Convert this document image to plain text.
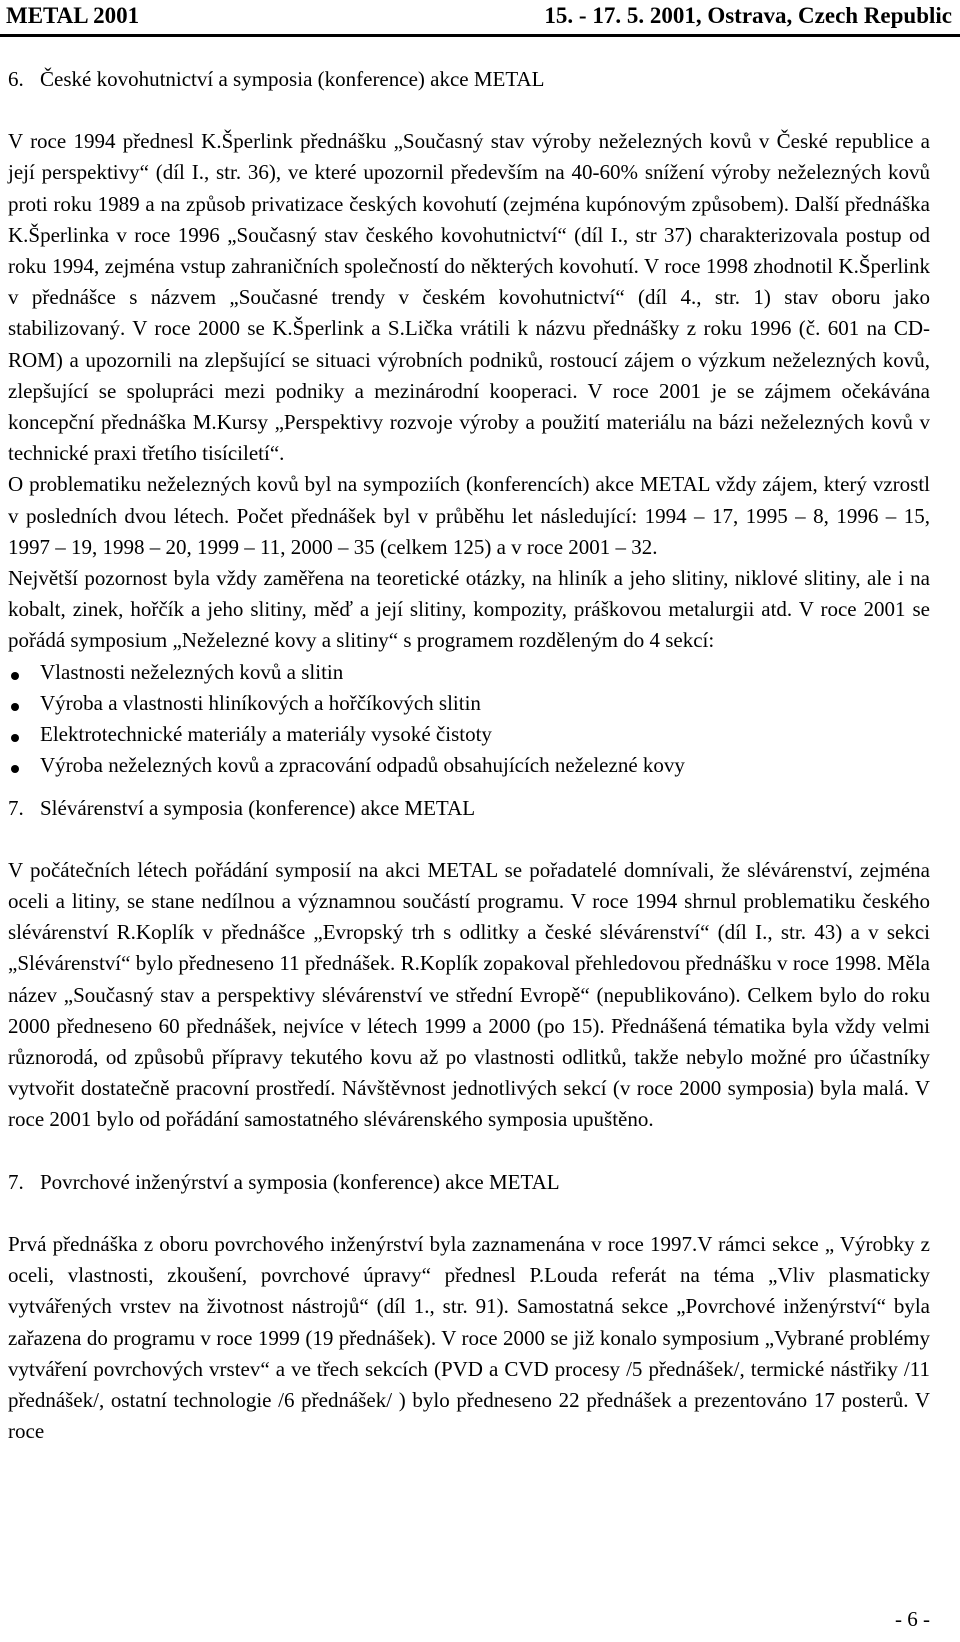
METAL 2001	15. - 17. 5. 2001, Ostrava, Czech Republic
6. České kovohutnictví a symposia (konference) akce METAL

V roce 1994 přednesl K.Šperlink přednášku „Současný stav výroby neželezných kovů v České republice a její perspektivy“ (díl I., str. 36), ve které upozornil především na 40-60% snížení výroby neželezných kovů proti roku 1989 a na způsob privatizace českých kovohutí (zejména kupónovým způsobem). Další přednáška K.Šperlinka v roce 1996 „Současný stav českého kovohutnictví“ (díl I., str 37) charakterizovala postup od roku 1994, zejména vstup zahraničních společností do některých kovohutí. V roce 1998 zhodnotil K.Šperlink v přednášce s názvem „Současné trendy v českém kovohutnictví“ (díl 4., str. 1) stav oboru jako stabilizovaný. V roce 2000 se K.Šperlink a S.Lička vrátili k názvu přednášky z roku 1996 (č. 601 na CD-ROM) a upozornili na zlepšující se situaci výrobních podniků, rostoucí zájem o výzkum neželezných kovů, zlepšující se spolupráci mezi podniky a mezinárodní kooperaci. V roce 2001 je se zájmem očekávána koncepční přednáška M.Kursy „Perspektivy rozvoje výroby a použití materiálu na bázi neželezných kovů v technické praxi třetího tisíciletí“.

O problematiku neželezných kovů byl na sympoziích (konferencích) akce METAL vždy zájem, který vzrostl v posledních dvou létech. Počet přednášek byl v průběhu let následující: 1994 – 17, 1995 – 8, 1996 – 15, 1997 – 19, 1998 – 20, 1999 – 11, 2000 – 35 (celkem 125) a v roce 2001 – 32.

Největší pozornost byla vždy zaměřena na teoretické otázky, na hliník a jeho slitiny, niklové slitiny, ale i na kobalt, zinek, hořčík a jeho slitiny, měď a její slitiny, kompozity, práškovou metalurgii atd. V roce 2001 se pořádá symposium „Neželezné kovy a slitiny“ s programem rozděleným do 4 sekcí:

Vlastnosti neželezných kovů a slitin
Výroba a vlastnosti hliníkových a hořčíkových slitin
Elektrotechnické materiály a materiály vysoké čistoty
Výroba neželezných kovů a zpracování odpadů obsahujících neželezné kovy
7. Slévárenství a symposia (konference) akce METAL

V počátečních létech pořádání symposií na akci METAL se pořadatelé domnívali, že slévárenství, zejména oceli a litiny, se stane nedílnou a významnou součástí programu. V roce 1994 shrnul problematiku českého slévárenství R.Koplík v přednášce „Evropský trh s odlitky a české slévárenství“ (díl I., str. 43) a v sekci „Slévárenství“ bylo předneseno 11 přednášek. R.Koplík zopakoval přehledovou přednášku v roce 1998. Měla název „Současný stav a perspektivy slévárenství ve střední Evropě“ (nepublikováno). Celkem bylo do roku 2000 předneseno 60 přednášek, nejvíce v létech 1999 a 2000 (po 15). Přednášená tématika byla vždy velmi různorodá, od způsobů přípravy tekutého kovu až po vlastnosti odlitků, takže nebylo možné pro účastníky vytvořit dostatečně pracovní prostředí. Návštěvnost jednotlivých sekcí (v roce 2000 symposia) byla malá. V roce 2001 bylo od pořádání samostatného slévárenského symposia upuštěno.

7. Povrchové inženýrství a symposia (konference) akce METAL

Prvá přednáška z oboru povrchového inženýrství byla zaznamenána v roce 1997.V rámci sekce „ Výrobky z oceli, vlastnosti, zkoušení, povrchové úpravy“ přednesl P.Louda referát na téma „Vliv plasmaticky vytvářených vrstev na životnost nástrojů“ (díl 1., str. 91). Samostatná sekce „Povrchové inženýrství“ byla zařazena do programu v roce 1999 (19 přednášek). V roce 2000 se již konalo symposium „Vybrané problémy vytváření povrchových vrstev“ a ve třech sekcích (PVD a CVD procesy /5 přednášek/, termické nástřiky /11 přednášek/, ostatní technologie /6 přednášek/ ) bylo předneseno 22 přednášek a prezentováno 17 posterů. V roce

- 6 -
